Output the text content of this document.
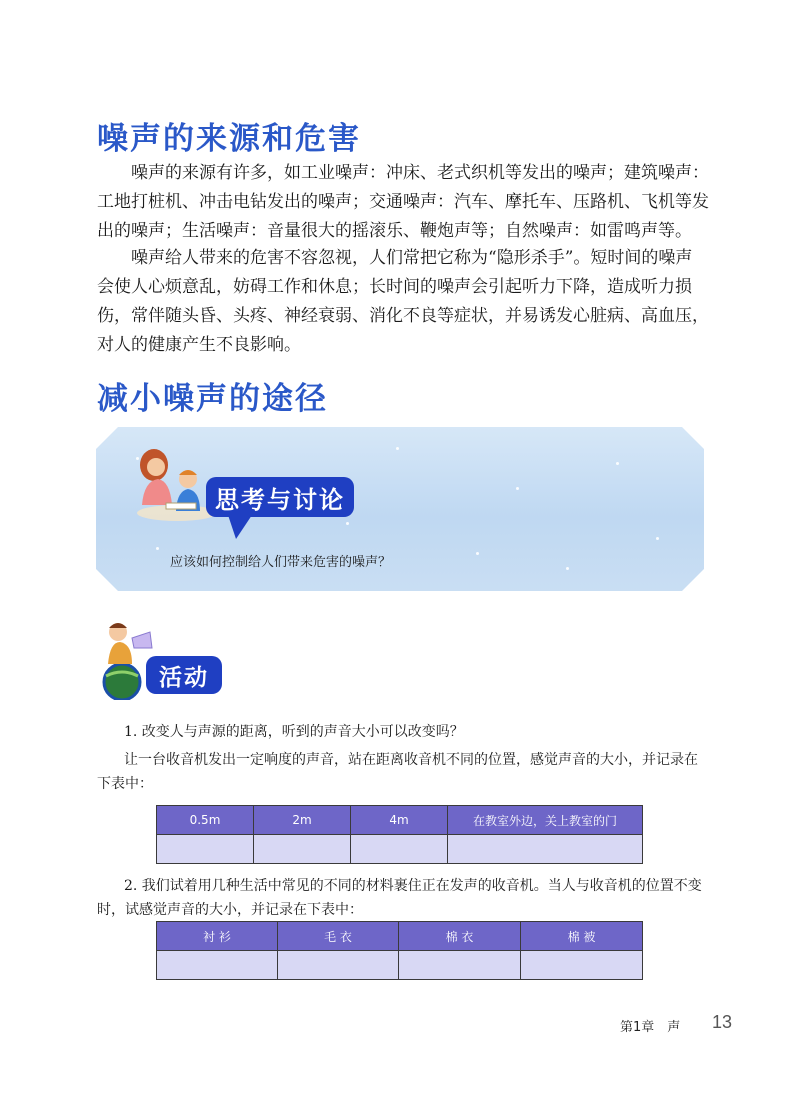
噪声的来源和危害
噪声的来源有许多，如工业噪声：冲床、老式织机等发出的噪声；建筑噪声：工地打桩机、冲击电钻发出的噪声；交通噪声：汽车、摩托车、压路机、飞机等发出的噪声；生活噪声：音量很大的摇滚乐、鞭炮声等；自然噪声：如雷鸣声等。
噪声给人带来的危害不容忽视，人们常把它称为“隐形杀手”。短时间的噪声会使人心烦意乱，妨碍工作和休息；长时间的噪声会引起听力下降，造成听力损伤，常伴随头昏、头疼、神经衰弱、消化不良等症状，并易诱发心脏病、高血压，对人的健康产生不良影响。
减小噪声的途径
思考与讨论
应该如何控制给人们带来危害的噪声？
活动
1. 改变人与声源的距离，听到的声音大小可以改变吗？
让一台收音机发出一定响度的声音，站在距离收音机不同的位置，感觉声音的大小，并记录在下表中：
0.5m	2m	4m	在教室外边，关上教室的门

2. 我们试着用几种生活中常见的不同的材料裹住正在发声的收音机。当人与收音机的位置不变时，试感觉声音的大小，并记录在下表中：
衬 衫	毛 衣	棉 衣	棉 被

第1章　声 13
